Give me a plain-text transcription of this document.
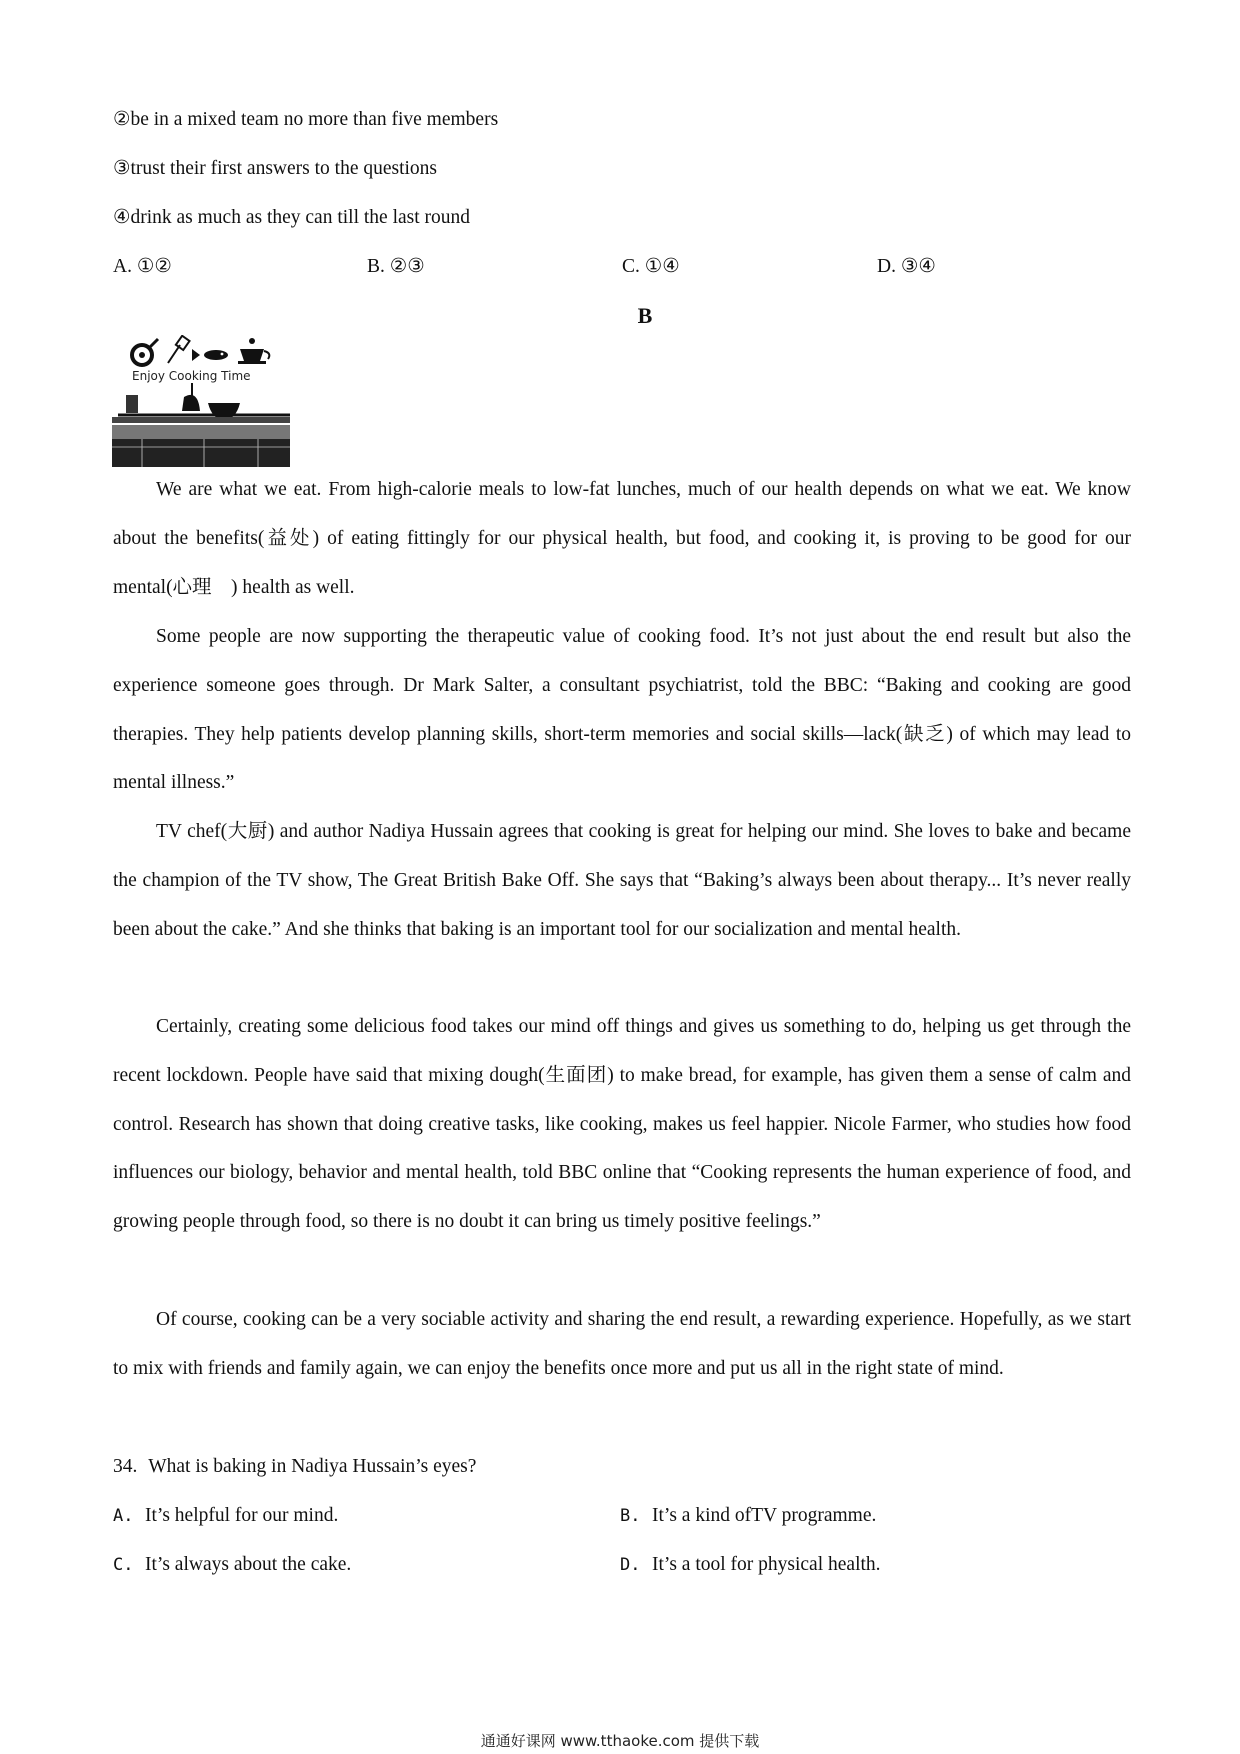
②be in a mixed team no more than five members
③trust their first answers to the questions
④drink as much as they can till the last round
A. ①②	B. ②③	C. ①④	D. ③④
B
Enjoy Cooking Time

We are what we eat. From high-calorie meals to low-fat lunches, much of our health depends on what we eat. We know about the benefits(益处) of eating fittingly for our physical health, but food, and cooking it, is proving to be good for our mental(心理　) health as well.

Some people are now supporting the therapeutic value of cooking food. It’s not just about the end result but also the experience someone goes through. Dr Mark Salter, a consultant psychiatrist, told the BBC: “Baking and cooking are good therapies. They help patients develop planning skills, short-term memories and social skills—lack(缺乏) of which may lead to mental illness.”

TV chef(大厨) and author Nadiya Hussain agrees that cooking is great for helping our mind. She loves to bake and became the champion of the TV show, The Great British Bake Off. She says that “Baking’s always been about therapy... It’s never really been about the cake.” And she thinks that baking is an important tool for our socialization and mental health.

Certainly, creating some delicious food takes our mind off things and gives us something to do, helping us get through the recent lockdown. People have said that mixing dough(生面团) to make bread, for example, has given them a sense of calm and control. Research has shown that doing creative tasks, like cooking, makes us feel happier. Nicole Farmer, who studies how food influences our biology, behavior and mental health, told BBC online that “Cooking represents the human experience of food, and growing people through food, so there is no doubt it can bring us timely positive feelings.”

Of course, cooking can be a very sociable activity and sharing the end result, a rewarding experience. Hopefully, as we start to mix with friends and family again, we can enjoy the benefits once more and put us all in the right state of mind.

34. What is baking in Nadiya Hussain’s eyes?
A. It’s helpful for our mind.	B. It’s a kind ofTV programme.
C. It’s always about the cake.	D. It’s a tool for physical health.
通通好课网 www.tthaoke.com 提供下载
